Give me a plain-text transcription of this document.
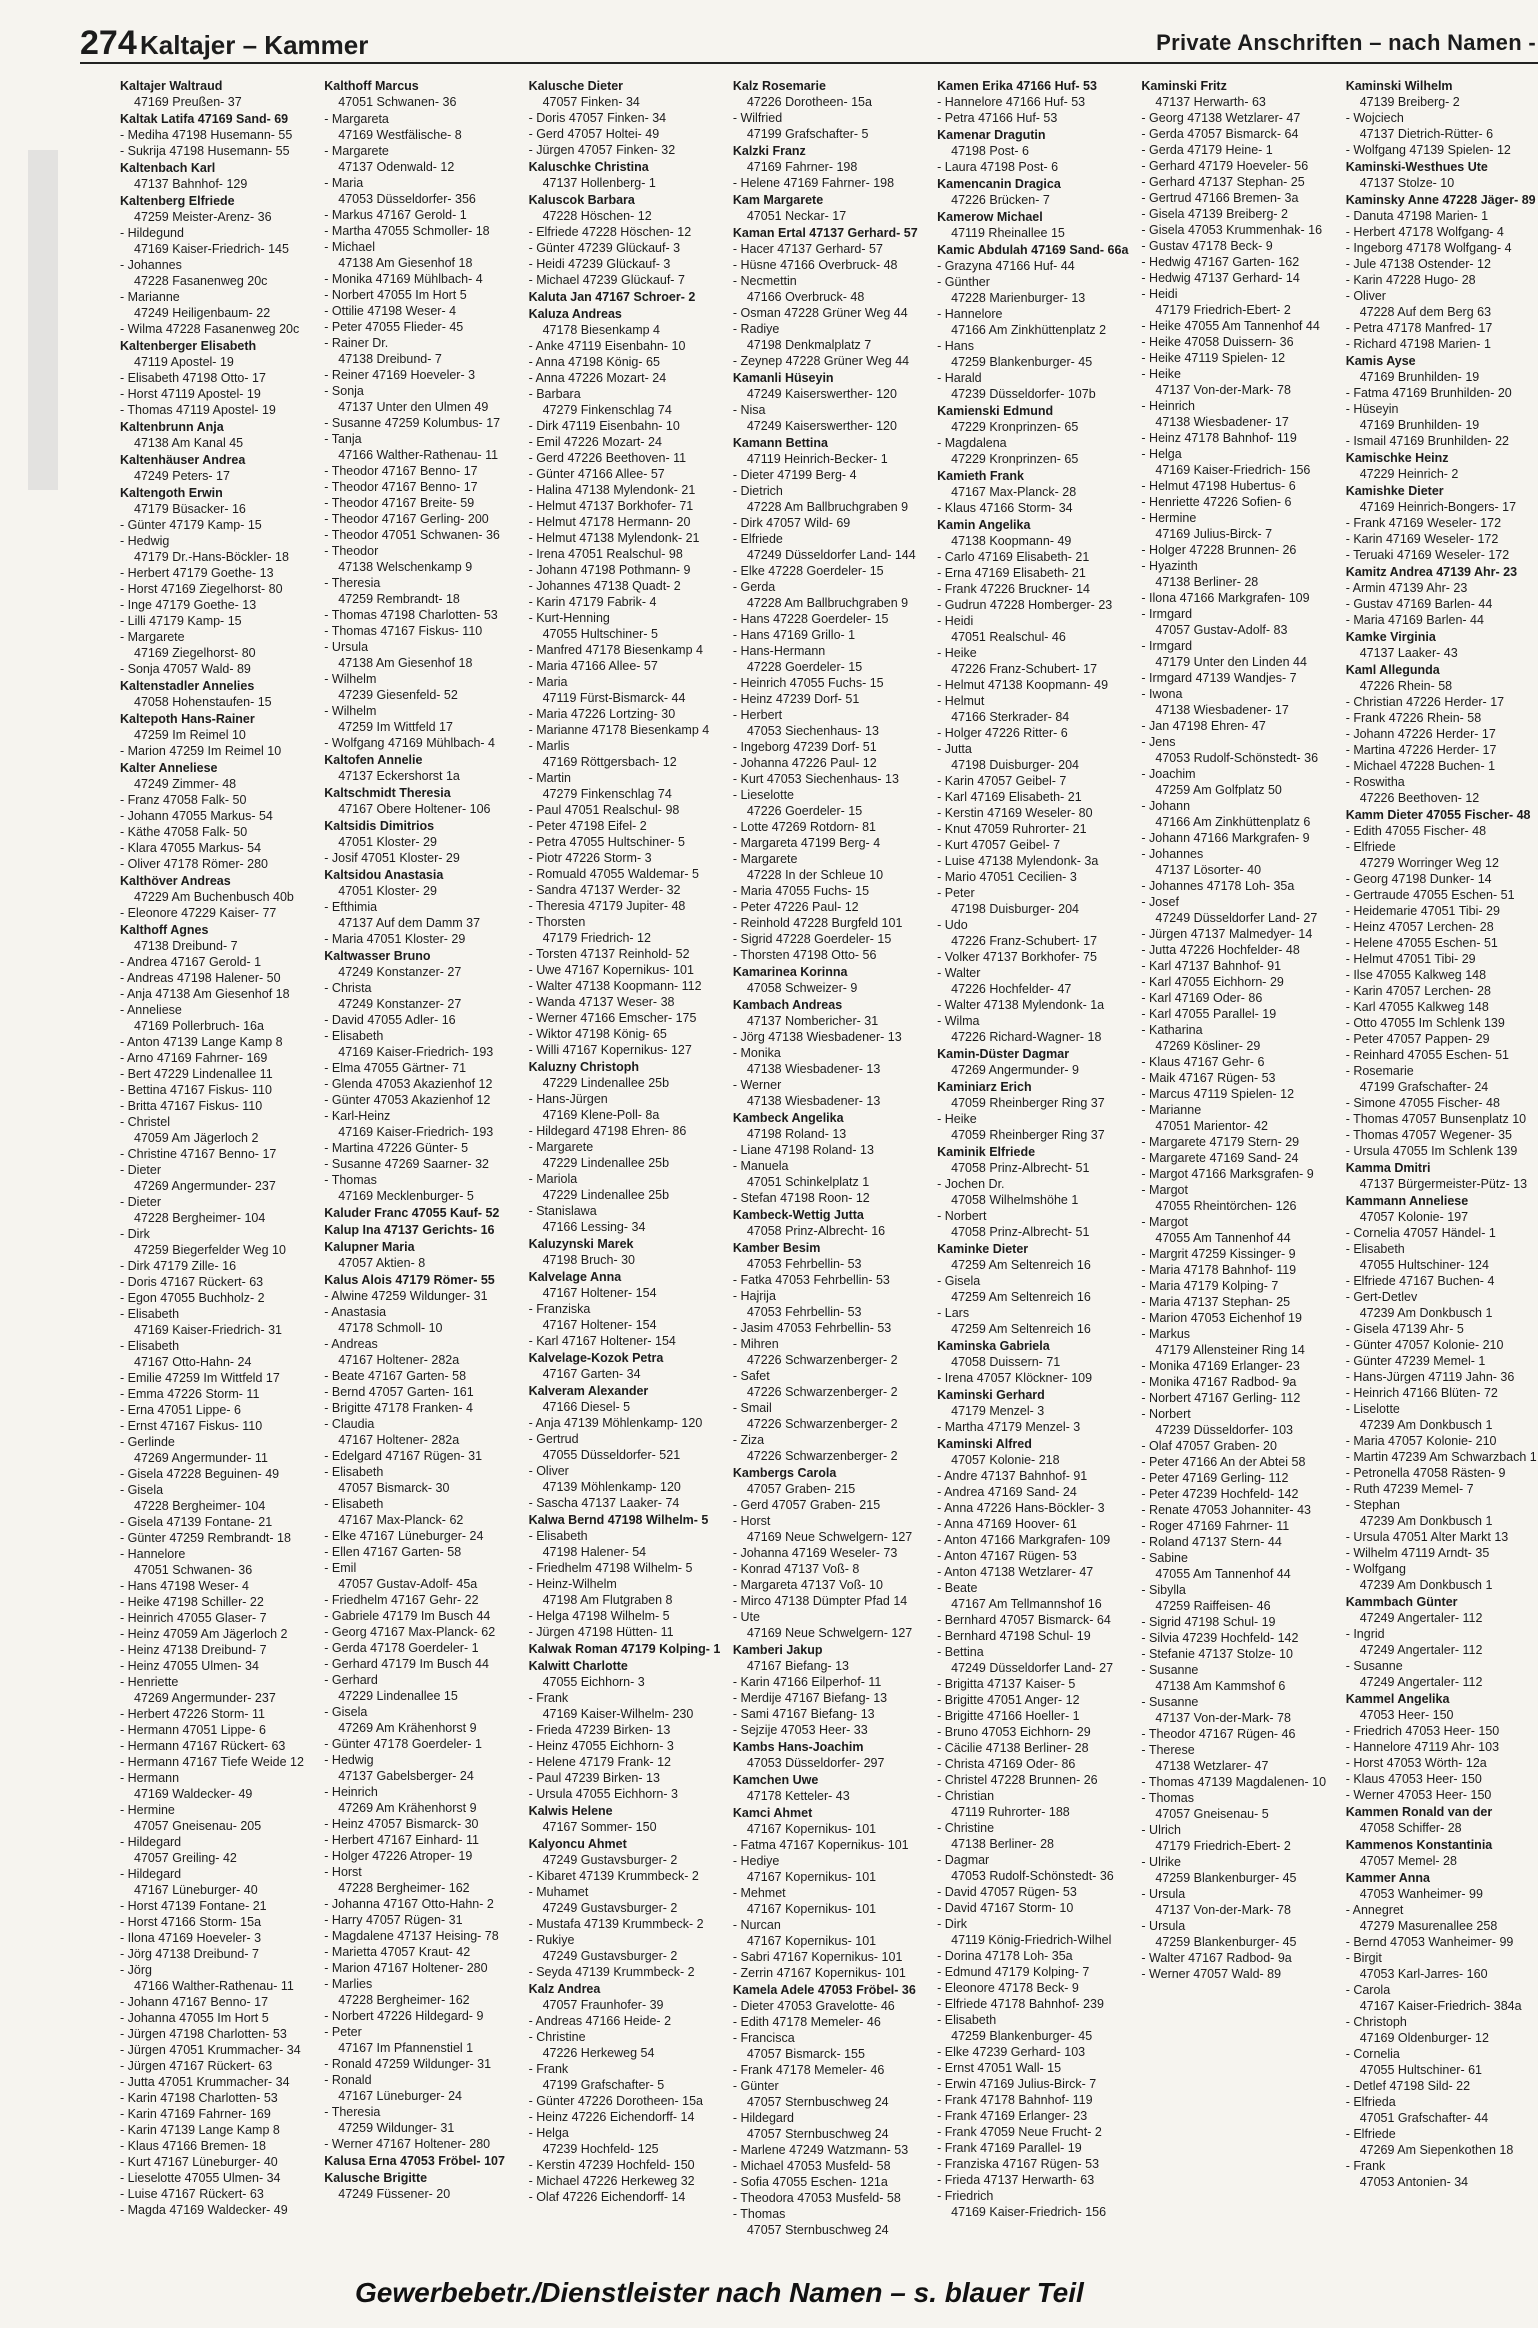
274 Kaltajer – Kammer	Private Anschriften – nach Namen -
Kaltajer Waltraud
47169 Preußen- 37
Kaltak Latifa 47169 Sand- 69
- Mediha 47198 Husemann- 55
- Sukrija 47198 Husemann- 55
Kaltenbach Karl
47137 Bahnhof- 129
Kaltenberg Elfriede
47259 Meister-Arenz- 36
- Hildegund
47169 Kaiser-Friedrich- 145
- Johannes
47228 Fasanenweg 20c
- Marianne
47249 Heiligenbaum- 22
- Wilma 47228 Fasanenweg 20c
Kaltenberger Elisabeth
47119 Apostel- 19
- Elisabeth 47198 Otto- 17
- Horst 47119 Apostel- 19
- Thomas 47119 Apostel- 19
Kaltenbrunn Anja
47138 Am Kanal 45
Kaltenhäuser Andrea
47249 Peters- 17
Kaltengoth Erwin
47179 Büsacker- 16
- Günter 47179 Kamp- 15
- Hedwig
47179 Dr.-Hans-Böckler- 18
- Herbert 47179 Goethe- 13
- Horst 47169 Ziegelhorst- 80
- Inge 47179 Goethe- 13
- Lilli 47179 Kamp- 15
- Margarete
47169 Ziegelhorst- 80
- Sonja 47057 Wald- 89
Kaltenstadler Annelies
47058 Hohenstaufen- 15
Kaltepoth Hans-Rainer
47259 Im Reimel 10
- Marion 47259 Im Reimel 10
Kalter Anneliese
47249 Zimmer- 48
- Franz 47058 Falk- 50
- Johann 47055 Markus- 54
- Käthe 47058 Falk- 50
- Klara 47055 Markus- 54
- Oliver 47178 Römer- 280
Kalthöver Andreas
47229 Am Buchenbusch 40b
- Eleonore 47229 Kaiser- 77
Kalthoff Agnes
47138 Dreibund- 7
- Andrea 47167 Gerold- 1
- Andreas 47198 Halener- 50
- Anja 47138 Am Giesenhof 18
- Anneliese
47169 Pollerbruch- 16a
- Anton 47139 Lange Kamp 8
- Arno 47169 Fahrner- 169
- Bert 47229 Lindenallee 11
- Bettina 47167 Fiskus- 110
- Britta 47167 Fiskus- 110
- Christel
47059 Am Jägerloch 2
- Christine 47167 Benno- 17
- Dieter
47269 Angermunder- 237
- Dieter
47228 Bergheimer- 104
- Dirk
47259 Biegerfelder Weg 10
- Dirk 47179 Zille- 16
- Doris 47167 Rückert- 63
- Egon 47055 Buchholz- 2
- Elisabeth
47169 Kaiser-Friedrich- 31
- Elisabeth
47167 Otto-Hahn- 24
- Emilie 47259 Im Wittfeld 17
- Emma 47226 Storm- 11
- Erna 47051 Lippe- 6
- Ernst 47167 Fiskus- 110
- Gerlinde
47269 Angermunder- 11
- Gisela 47228 Beguinen- 49
- Gisela
47228 Bergheimer- 104
- Gisela 47139 Fontane- 21
- Günter 47259 Rembrandt- 18
- Hannelore
47051 Schwanen- 36
- Hans 47198 Weser- 4
- Heike 47198 Schiller- 22
- Heinrich 47055 Glaser- 7
- Heinz 47059 Am Jägerloch 2
- Heinz 47138 Dreibund- 7
- Heinz 47055 Ulmen- 34
- Henriette
47269 Angermunder- 237
- Herbert 47226 Storm- 11
- Hermann 47051 Lippe- 6
- Hermann 47167 Rückert- 63
- Hermann 47167 Tiefe Weide 12
- Hermann
47169 Waldecker- 49
- Hermine
47057 Gneisenau- 205
- Hildegard
47057 Greiling- 42
- Hildegard
47167 Lüneburger- 40
- Horst 47139 Fontane- 21
- Horst 47166 Storm- 15a
- Ilona 47169 Hoeveler- 3
- Jörg 47138 Dreibund- 7
- Jörg
47166 Walther-Rathenau- 11
- Johann 47167 Benno- 17
- Johanna 47055 Im Hort 5
- Jürgen 47198 Charlotten- 53
- Jürgen 47051 Krummacher- 34
- Jürgen 47167 Rückert- 63
- Jutta 47051 Krummacher- 34
- Karin 47198 Charlotten- 53
- Karin 47169 Fahrner- 169
- Karin 47139 Lange Kamp 8
- Klaus 47166 Bremen- 18
- Kurt 47167 Lüneburger- 40
- Lieselotte 47055 Ulmen- 34
- Luise 47167 Rückert- 63
- Magda 47169 Waldecker- 49
Kalthoff Marcus
47051 Schwanen- 36
- Margareta
47169 Westfälische- 8
- Margarete
47137 Odenwald- 12
- Maria
47053 Düsseldorfer- 356
- Markus 47167 Gerold- 1
- Martha 47055 Schmoller- 18
- Michael
47138 Am Giesenhof 18
- Monika 47169 Mühlbach- 4
- Norbert 47055 Im Hort 5
- Ottilie 47198 Weser- 4
- Peter 47055 Flieder- 45
- Rainer Dr.
47138 Dreibund- 7
- Reiner 47169 Hoeveler- 3
- Sonja
47137 Unter den Ulmen 49
- Susanne 47259 Kolumbus- 17
- Tanja
47166 Walther-Rathenau- 11
- Theodor 47167 Benno- 17
- Theodor 47167 Benno- 17
- Theodor 47167 Breite- 59
- Theodor 47167 Gerling- 200
- Theodor 47051 Schwanen- 36
- Theodor
47138 Welschenkamp 9
- Theresia
47259 Rembrandt- 18
- Thomas 47198 Charlotten- 53
- Thomas 47167 Fiskus- 110
- Ursula
47138 Am Giesenhof 18
- Wilhelm
47239 Giesenfeld- 52
- Wilhelm
47259 Im Wittfeld 17
- Wolfgang 47169 Mühlbach- 4
Kaltofen Annelie
47137 Eckershorst 1a
Kaltschmidt Theresia
47167 Obere Holtener- 106
Kaltsidis Dimitrios
47051 Kloster- 29
- Josif 47051 Kloster- 29
Kaltsidou Anastasia
47051 Kloster- 29
- Efthimia
47137 Auf dem Damm 37
- Maria 47051 Kloster- 29
Kaltwasser Bruno
47249 Konstanzer- 27
- Christa
47249 Konstanzer- 27
- David 47055 Adler- 16
- Elisabeth
47169 Kaiser-Friedrich- 193
- Elma 47055 Gärtner- 71
- Glenda 47053 Akazienhof 12
- Günter 47053 Akazienhof 12
- Karl-Heinz
47169 Kaiser-Friedrich- 193
- Martina 47226 Günter- 5
- Susanne 47269 Saarner- 32
- Thomas
47169 Mecklenburger- 5
Kaluder Franc 47055 Kauf- 52
Kalup Ina 47137 Gerichts- 16
Kalupner Maria
47057 Aktien- 8
Kalus Alois 47179 Römer- 55
- Alwine 47259 Wildunger- 31
- Anastasia
47178 Schmoll- 10
- Andreas
47167 Holtener- 282a
- Beate 47167 Garten- 58
- Bernd 47057 Garten- 161
- Brigitte 47178 Franken- 4
- Claudia
47167 Holtener- 282a
- Edelgard 47167 Rügen- 31
- Elisabeth
47057 Bismarck- 30
- Elisabeth
47167 Max-Planck- 62
- Elke 47167 Lüneburger- 24
- Ellen 47167 Garten- 58
- Emil
47057 Gustav-Adolf- 45a
- Friedhelm 47167 Gehr- 22
- Gabriele 47179 Im Busch 44
- Georg 47167 Max-Planck- 62
- Gerda 47178 Goerdeler- 1
- Gerhard 47179 Im Busch 44
- Gerhard
47229 Lindenallee 15
- Gisela
47269 Am Krähenhorst 9
- Günter 47178 Goerdeler- 1
- Hedwig
47137 Gabelsberger- 24
- Heinrich
47269 Am Krähenhorst 9
- Heinz 47057 Bismarck- 30
- Herbert 47167 Einhard- 11
- Holger 47226 Atroper- 19
- Horst
47228 Bergheimer- 162
- Johanna 47167 Otto-Hahn- 2
- Harry 47057 Rügen- 31
- Magdalene 47137 Heising- 78
- Marietta 47057 Kraut- 42
- Marion 47167 Holtener- 280
- Marlies
47228 Bergheimer- 162
- Norbert 47226 Hildegard- 9
- Peter
47167 Im Pfannenstiel 1
- Ronald 47259 Wildunger- 31
- Ronald
47167 Lüneburger- 24
- Theresia
47259 Wildunger- 31
- Werner 47167 Holtener- 280
Kalusa Erna 47053 Fröbel- 107
Kalusche Brigitte
47249 Füssener- 20
Kalusche Dieter
47057 Finken- 34
- Doris 47057 Finken- 34
- Gerd 47057 Holtei- 49
- Jürgen 47057 Finken- 32
Kaluschke Christina
47137 Hollenberg- 1
Kaluscok Barbara
47228 Höschen- 12
- Elfriede 47228 Höschen- 12
- Günter 47239 Glückauf- 3
- Heidi 47239 Glückauf- 3
- Michael 47239 Glückauf- 7
Kaluta Jan 47167 Schroer- 2
Kaluza Andreas
47178 Biesenkamp 4
- Anke 47119 Eisenbahn- 10
- Anna 47198 König- 65
- Anna 47226 Mozart- 24
- Barbara
47279 Finkenschlag 74
- Dirk 47119 Eisenbahn- 10
- Emil 47226 Mozart- 24
- Gerd 47226 Beethoven- 11
- Günter 47166 Allee- 57
- Halina 47138 Mylendonk- 21
- Helmut 47137 Borkhofer- 71
- Helmut 47178 Hermann- 20
- Helmut 47138 Mylendonk- 21
- Irena 47051 Realschul- 98
- Johann 47198 Pothmann- 9
- Johannes 47138 Quadt- 2
- Karin 47179 Fabrik- 4
- Kurt-Henning
47055 Hultschiner- 5
- Manfred 47178 Biesenkamp 4
- Maria 47166 Allee- 57
- Maria
47119 Fürst-Bismarck- 44
- Maria 47226 Lortzing- 30
- Marianne 47178 Biesenkamp 4
- Marlis
47169 Röttgersbach- 12
- Martin
47279 Finkenschlag 74
- Paul 47051 Realschul- 98
- Peter 47198 Eifel- 2
- Petra 47055 Hultschiner- 5
- Piotr 47226 Storm- 3
- Romuald 47055 Waldemar- 5
- Sandra 47137 Werder- 32
- Theresia 47179 Jupiter- 48
- Thorsten
47179 Friedrich- 12
- Torsten 47137 Reinhold- 52
- Uwe 47167 Kopernikus- 101
- Walter 47138 Koopmann- 112
- Wanda 47137 Weser- 38
- Werner 47166 Emscher- 175
- Wiktor 47198 König- 65
- Willi 47167 Kopernikus- 127
Kaluzny Christoph
47229 Lindenallee 25b
- Hans-Jürgen
47169 Klene-Poll- 8a
- Hildegard 47198 Ehren- 86
- Margarete
47229 Lindenallee 25b
- Mariola
47229 Lindenallee 25b
- Stanislawa
47166 Lessing- 34
Kaluzynski Marek
47198 Bruch- 30
Kalvelage Anna
47167 Holtener- 154
- Franziska
47167 Holtener- 154
- Karl 47167 Holtener- 154
Kalvelage-Kozok Petra
47167 Garten- 34
Kalveram Alexander
47166 Diesel- 5
- Anja 47139 Möhlenkamp- 120
- Gertrud
47055 Düsseldorfer- 521
- Oliver
47139 Möhlenkamp- 120
- Sascha 47137 Laaker- 74
Kalwa Bernd 47198 Wilhelm- 5
- Elisabeth
47198 Halener- 54
- Friedhelm 47198 Wilhelm- 5
- Heinz-Wilhelm
47198 Am Flutgraben 8
- Helga 47198 Wilhelm- 5
- Jürgen 47198 Hütten- 11
Kalwak Roman 47179 Kolping- 1
Kalwitt Charlotte
47055 Eichhorn- 3
- Frank
47169 Kaiser-Wilhelm- 230
- Frieda 47239 Birken- 13
- Heinz 47055 Eichhorn- 3
- Helene 47179 Frank- 12
- Paul 47239 Birken- 13
- Ursula 47055 Eichhorn- 3
Kalwis Helene
47167 Sommer- 150
Kalyoncu Ahmet
47249 Gustavsburger- 2
- Kibaret 47139 Krummbeck- 2
- Muhamet
47249 Gustavsburger- 2
- Mustafa 47139 Krummbeck- 2
- Rukiye
47249 Gustavsburger- 2
- Seyda 47139 Krummbeck- 2
Kalz Andrea
47057 Fraunhofer- 39
- Andreas 47166 Heide- 2
- Christine
47226 Herkeweg 54
- Frank
47199 Grafschafter- 5
- Günter 47226 Dorotheen- 15a
- Heinz 47226 Eichendorff- 14
- Helga
47239 Hochfeld- 125
- Kerstin 47239 Hochfeld- 150
- Michael 47226 Herkeweg 32
- Olaf 47226 Eichendorff- 14
Kalz Rosemarie
47226 Dorotheen- 15a
- Wilfried
47199 Grafschafter- 5
Kalzki Franz
47169 Fahrner- 198
- Helene 47169 Fahrner- 198
Kam Margarete
47051 Neckar- 17
Kaman Ertal 47137 Gerhard- 57
- Hacer 47137 Gerhard- 57
- Hüsne 47166 Overbruck- 48
- Necmettin
47166 Overbruck- 48
- Osman 47228 Grüner Weg 44
- Radiye
47198 Denkmalplatz 7
- Zeynep 47228 Grüner Weg 44
Kamanli Hüseyin
47249 Kaiserswerther- 120
- Nisa
47249 Kaiserswerther- 120
Kamann Bettina
47119 Heinrich-Becker- 1
- Dieter 47199 Berg- 4
- Dietrich
47228 Am Ballbruchgraben 9
- Dirk 47057 Wild- 69
- Elfriede
47249 Düsseldorfer Land- 144
- Elke 47228 Goerdeler- 15
- Gerda
47228 Am Ballbruchgraben 9
- Hans 47228 Goerdeler- 15
- Hans 47169 Grillo- 1
- Hans-Hermann
47228 Goerdeler- 15
- Heinrich 47055 Fuchs- 15
- Heinz 47239 Dorf- 51
- Herbert
47053 Siechenhaus- 13
- Ingeborg 47239 Dorf- 51
- Johanna 47226 Paul- 12
- Kurt 47053 Siechenhaus- 13
- Lieselotte
47226 Goerdeler- 15
- Lotte 47269 Rotdorn- 81
- Margareta 47199 Berg- 4
- Margarete
47228 In der Schleue 10
- Maria 47055 Fuchs- 15
- Peter 47226 Paul- 12
- Reinhold 47228 Burgfeld 101
- Sigrid 47228 Goerdeler- 15
- Thorsten 47198 Otto- 56
Kamarinea Korinna
47058 Schweizer- 9
Kambach Andreas
47137 Nombericher- 31
- Jörg 47138 Wiesbadener- 13
- Monika
47138 Wiesbadener- 13
- Werner
47138 Wiesbadener- 13
Kambeck Angelika
47198 Roland- 13
- Liane 47198 Roland- 13
- Manuela
47051 Schinkelplatz 1
- Stefan 47198 Roon- 12
Kambeck-Wettig Jutta
47058 Prinz-Albrecht- 16
Kamber Besim
47053 Fehrbellin- 53
- Fatka 47053 Fehrbellin- 53
- Hajrija
47053 Fehrbellin- 53
- Jasim 47053 Fehrbellin- 53
- Mihren
47226 Schwarzenberger- 2
- Safet
47226 Schwarzenberger- 2
- Smail
47226 Schwarzenberger- 2
- Ziza
47226 Schwarzenberger- 2
Kambergs Carola
47057 Graben- 215
- Gerd 47057 Graben- 215
- Horst
47169 Neue Schwelgern- 127
- Johanna 47169 Weseler- 73
- Konrad 47137 Voß- 8
- Margareta 47137 Voß- 10
- Mirco 47138 Dümpter Pfad 14
- Ute
47169 Neue Schwelgern- 127
Kamberi Jakup
47167 Biefang- 13
- Karin 47166 Eilperhof- 11
- Merdije 47167 Biefang- 13
- Sami 47167 Biefang- 13
- Sejzije 47053 Heer- 33
Kambs Hans-Joachim
47053 Düsseldorfer- 297
Kamchen Uwe
47178 Ketteler- 43
Kamci Ahmet
47167 Kopernikus- 101
- Fatma 47167 Kopernikus- 101
- Hediye
47167 Kopernikus- 101
- Mehmet
47167 Kopernikus- 101
- Nurcan
47167 Kopernikus- 101
- Sabri 47167 Kopernikus- 101
- Zerrin 47167 Kopernikus- 101
Kamela Adele 47053 Fröbel- 36
- Dieter 47053 Gravelotte- 46
- Edith 47178 Memeler- 46
- Francisca
47057 Bismarck- 155
- Frank 47178 Memeler- 46
- Günter
47057 Sternbuschweg 24
- Hildegard
47057 Sternbuschweg 24
- Marlene 47249 Watzmann- 53
- Michael 47053 Musfeld- 58
- Sofia 47055 Eschen- 121a
- Theodora 47053 Musfeld- 58
- Thomas
47057 Sternbuschweg 24
Kamen Erika 47166 Huf- 53
- Hannelore 47166 Huf- 53
- Petra 47166 Huf- 53
Kamenar Dragutin
47198 Post- 6
- Laura 47198 Post- 6
Kamencanin Dragica
47226 Brücken- 7
Kamerow Michael
47119 Rheinallee 15
Kamic Abdulah 47169 Sand- 66a
- Grazyna 47166 Huf- 44
- Günther
47228 Marienburger- 13
- Hannelore
47166 Am Zinkhüttenplatz 2
- Hans
47259 Blankenburger- 45
- Harald
47239 Düsseldorfer- 107b
Kamienski Edmund
47229 Kronprinzen- 65
- Magdalena
47229 Kronprinzen- 65
Kamieth Frank
47167 Max-Planck- 28
- Klaus 47166 Storm- 34
Kamin Angelika
47138 Koopmann- 49
- Carlo 47169 Elisabeth- 21
- Erna 47169 Elisabeth- 21
- Frank 47226 Bruckner- 14
- Gudrun 47228 Homberger- 23
- Heidi
47051 Realschul- 46
- Heike
47226 Franz-Schubert- 17
- Helmut 47138 Koopmann- 49
- Helmut
47166 Sterkrader- 84
- Holger 47226 Ritter- 6
- Jutta
47198 Duisburger- 204
- Karin 47057 Geibel- 7
- Karl 47169 Elisabeth- 21
- Kerstin 47169 Weseler- 80
- Knut 47059 Ruhrorter- 21
- Kurt 47057 Geibel- 7
- Luise 47138 Mylendonk- 3a
- Mario 47051 Cecilien- 3
- Peter
47198 Duisburger- 204
- Udo
47226 Franz-Schubert- 17
- Volker 47137 Borkhofer- 75
- Walter
47226 Hochfelder- 47
- Walter 47138 Mylendonk- 1a
- Wilma
47226 Richard-Wagner- 18
Kamin-Düster Dagmar
47269 Angermunder- 9
Kaminiarz Erich
47059 Rheinberger Ring 37
- Heike
47059 Rheinberger Ring 37
Kaminik Elfriede
47058 Prinz-Albrecht- 51
- Jochen Dr.
47058 Wilhelmshöhe 1
- Norbert
47058 Prinz-Albrecht- 51
Kaminke Dieter
47259 Am Seltenreich 16
- Gisela
47259 Am Seltenreich 16
- Lars
47259 Am Seltenreich 16
Kaminska Gabriela
47058 Duissern- 71
- Irena 47057 Klöckner- 109
Kaminski Gerhard
47179 Menzel- 3
- Martha 47179 Menzel- 3
Kaminski Alfred
47057 Kolonie- 218
- Andre 47137 Bahnhof- 91
- Andrea 47169 Sand- 24
- Anna 47226 Hans-Böckler- 3
- Anna 47169 Hoover- 61
- Anton 47166 Markgrafen- 109
- Anton 47167 Rügen- 53
- Anton 47138 Wetzlarer- 47
- Beate
47167 Am Tellmannshof 16
- Bernhard 47057 Bismarck- 64
- Bernhard 47198 Schul- 19
- Bettina
47249 Düsseldorfer Land- 27
- Brigitta 47137 Kaiser- 5
- Brigitte 47051 Anger- 12
- Brigitte 47166 Hoeller- 1
- Bruno 47053 Eichhorn- 29
- Cäcilie 47138 Berliner- 28
- Christa 47169 Oder- 86
- Christel 47228 Brunnen- 26
- Christian
47119 Ruhrorter- 188
- Christine
47138 Berliner- 28
- Dagmar
47053 Rudolf-Schönstedt- 36
- David 47057 Rügen- 53
- David 47167 Storm- 10
- Dirk
47119 König-Friedrich-Wilhel
- Dorina 47178 Loh- 35a
- Edmund 47179 Kolping- 7
- Eleonore 47178 Beck- 9
- Elfriede 47178 Bahnhof- 239
- Elisabeth
47259 Blankenburger- 45
- Elke 47239 Gerhard- 103
- Ernst 47051 Wall- 15
- Erwin 47169 Julius-Birck- 7
- Frank 47178 Bahnhof- 119
- Frank 47169 Erlanger- 23
- Frank 47059 Neue Frucht- 2
- Frank 47169 Parallel- 19
- Franziska 47167 Rügen- 53
- Frieda 47137 Herwarth- 63
- Friedrich
47169 Kaiser-Friedrich- 156
Kaminski Fritz
47137 Herwarth- 63
- Georg 47138 Wetzlarer- 47
- Gerda 47057 Bismarck- 64
- Gerda 47179 Heine- 1
- Gerhard 47179 Hoeveler- 56
- Gerhard 47137 Stephan- 25
- Gertrud 47166 Bremen- 3a
- Gisela 47139 Breiberg- 2
- Gisela 47053 Krummenhak- 16
- Gustav 47178 Beck- 9
- Hedwig 47167 Garten- 162
- Hedwig 47137 Gerhard- 14
- Heidi
47179 Friedrich-Ebert- 2
- Heike 47055 Am Tannenhof 44
- Heike 47058 Duissern- 36
- Heike 47119 Spielen- 12
- Heike
47137 Von-der-Mark- 78
- Heinrich
47138 Wiesbadener- 17
- Heinz 47178 Bahnhof- 119
- Helga
47169 Kaiser-Friedrich- 156
- Helmut 47198 Hubertus- 6
- Henriette 47226 Sofien- 6
- Hermine
47169 Julius-Birck- 7
- Holger 47228 Brunnen- 26
- Hyazinth
47138 Berliner- 28
- Ilona 47166 Markgrafen- 109
- Irmgard
47057 Gustav-Adolf- 83
- Irmgard
47179 Unter den Linden 44
- Irmgard 47139 Wandjes- 7
- Iwona
47138 Wiesbadener- 17
- Jan 47198 Ehren- 47
- Jens
47053 Rudolf-Schönstedt- 36
- Joachim
47259 Am Golfplatz 50
- Johann
47166 Am Zinkhüttenplatz 6
- Johann 47166 Markgrafen- 9
- Johannes
47137 Lösorter- 40
- Johannes 47178 Loh- 35a
- Josef
47249 Düsseldorfer Land- 27
- Jürgen 47137 Malmedyer- 14
- Jutta 47226 Hochfelder- 48
- Karl 47137 Bahnhof- 91
- Karl 47055 Eichhorn- 29
- Karl 47169 Oder- 86
- Karl 47055 Parallel- 19
- Katharina
47269 Kösliner- 29
- Klaus 47167 Gehr- 6
- Maik 47167 Rügen- 53
- Marcus 47119 Spielen- 12
- Marianne
47051 Marientor- 42
- Margarete 47179 Stern- 29
- Margarete 47169 Sand- 24
- Margot 47166 Marksgrafen- 9
- Margot
47055 Rheintörchen- 126
- Margot
47055 Am Tannenhof 44
- Margrit 47259 Kissinger- 9
- Maria 47178 Bahnhof- 119
- Maria 47179 Kolping- 7
- Maria 47137 Stephan- 25
- Marion 47053 Eichenhof 19
- Markus
47179 Allensteiner Ring 14
- Monika 47169 Erlanger- 23
- Monika 47167 Radbod- 9a
- Norbert 47167 Gerling- 112
- Norbert
47239 Düsseldorfer- 103
- Olaf 47057 Graben- 20
- Peter 47166 An der Abtei 58
- Peter 47169 Gerling- 112
- Peter 47239 Hochfeld- 142
- Renate 47053 Johanniter- 43
- Roger 47169 Fahrner- 11
- Roland 47137 Stern- 44
- Sabine
47055 Am Tannenhof 44
- Sibylla
47259 Raiffeisen- 46
- Sigrid 47198 Schul- 19
- Silvia 47239 Hochfeld- 142
- Stefanie 47137 Stolze- 10
- Susanne
47138 Am Kammshof 6
- Susanne
47137 Von-der-Mark- 78
- Theodor 47167 Rügen- 46
- Therese
47138 Wetzlarer- 47
- Thomas 47139 Magdalenen- 10
- Thomas
47057 Gneisenau- 5
- Ulrich
47179 Friedrich-Ebert- 2
- Ulrike
47259 Blankenburger- 45
- Ursula
47137 Von-der-Mark- 78
- Ursula
47259 Blankenburger- 45
- Walter 47167 Radbod- 9a
- Werner 47057 Wald- 89
Kaminski Wilhelm
47139 Breiberg- 2
- Wojciech
47137 Dietrich-Rütter- 6
- Wolfgang 47139 Spielen- 12
Kaminski-Westhues Ute
47137 Stolze- 10
Kaminsky Anne 47228 Jäger- 89
- Danuta 47198 Marien- 1
- Herbert 47178 Wolfgang- 4
- Ingeborg 47178 Wolfgang- 4
- Jule 47138 Ostender- 12
- Karin 47228 Hugo- 28
- Oliver
47228 Auf dem Berg 63
- Petra 47178 Manfred- 17
- Richard 47198 Marien- 1
Kamis Ayse
47169 Brunhilden- 19
- Fatma 47169 Brunhilden- 20
- Hüseyin
47169 Brunhilden- 19
- Ismail 47169 Brunhilden- 22
Kamischke Heinz
47229 Heinrich- 2
Kamishke Dieter
47169 Heinrich-Bongers- 17
- Frank 47169 Weseler- 172
- Karin 47169 Weseler- 172
- Teruaki 47169 Weseler- 172
Kamitz Andrea 47139 Ahr- 23
- Armin 47139 Ahr- 23
- Gustav 47169 Barlen- 44
- Maria 47169 Barlen- 44
Kamke Virginia
47137 Laaker- 43
Kaml Allegunda
47226 Rhein- 58
- Christian 47226 Herder- 17
- Frank 47226 Rhein- 58
- Johann 47226 Herder- 17
- Martina 47226 Herder- 17
- Michael 47228 Buchen- 1
- Roswitha
47226 Beethoven- 12
Kamm Dieter 47055 Fischer- 48
- Edith 47055 Fischer- 48
- Elfriede
47279 Worringer Weg 12
- Georg 47198 Dunker- 14
- Gertraude 47055 Eschen- 51
- Heidemarie 47051 Tibi- 29
- Heinz 47057 Lerchen- 28
- Helene 47055 Eschen- 51
- Helmut 47051 Tibi- 29
- Ilse 47055 Kalkweg 148
- Karin 47057 Lerchen- 28
- Karl 47055 Kalkweg 148
- Otto 47055 Im Schlenk 139
- Peter 47057 Pappen- 29
- Reinhard 47055 Eschen- 51
- Rosemarie
47199 Grafschafter- 24
- Simone 47055 Fischer- 48
- Thomas 47057 Bunsenplatz 10
- Thomas 47057 Wegener- 35
- Ursula 47055 Im Schlenk 139
Kamma Dmitri
47137 Bürgermeister-Pütz- 13
Kammann Anneliese
47057 Kolonie- 197
- Cornelia 47057 Händel- 1
- Elisabeth
47055 Hultschiner- 124
- Elfriede 47167 Buchen- 4
- Gert-Detlev
47239 Am Donkbusch 1
- Gisela 47139 Ahr- 5
- Günter 47057 Kolonie- 210
- Günter 47239 Memel- 1
- Hans-Jürgen 47119 Jahn- 36
- Heinrich 47166 Blüten- 72
- Liselotte
47239 Am Donkbusch 1
- Maria 47057 Kolonie- 210
- Martin 47239 Am Schwarzbach 1
- Petronella 47058 Rästen- 9
- Ruth 47239 Memel- 7
- Stephan
47239 Am Donkbusch 1
- Ursula 47051 Alter Markt 13
- Wilhelm 47119 Arndt- 35
- Wolfgang
47239 Am Donkbusch 1
Kammbach Günter
47249 Angertaler- 112
- Ingrid
47249 Angertaler- 112
- Susanne
47249 Angertaler- 112
Kammel Angelika
47053 Heer- 150
- Friedrich 47053 Heer- 150
- Hannelore 47119 Ahr- 103
- Horst 47053 Wörth- 12a
- Klaus 47053 Heer- 150
- Werner 47053 Heer- 150
Kammen Ronald van der
47058 Schiffer- 28
Kammenos Konstantinia
47057 Memel- 28
Kammer Anna
47053 Wanheimer- 99
- Annegret
47279 Masurenallee 258
- Bernd 47053 Wanheimer- 99
- Birgit
47053 Karl-Jarres- 160
- Carola
47167 Kaiser-Friedrich- 384a
- Christoph
47169 Oldenburger- 12
- Cornelia
47055 Hultschiner- 61
- Detlef 47198 Sild- 22
- Elfrieda
47051 Grafschafter- 44
- Elfriede
47269 Am Siepenkothen 18
- Frank
47053 Antonien- 34
Gewerbebetr./Dienstleister nach Namen – s. blauer Teil
